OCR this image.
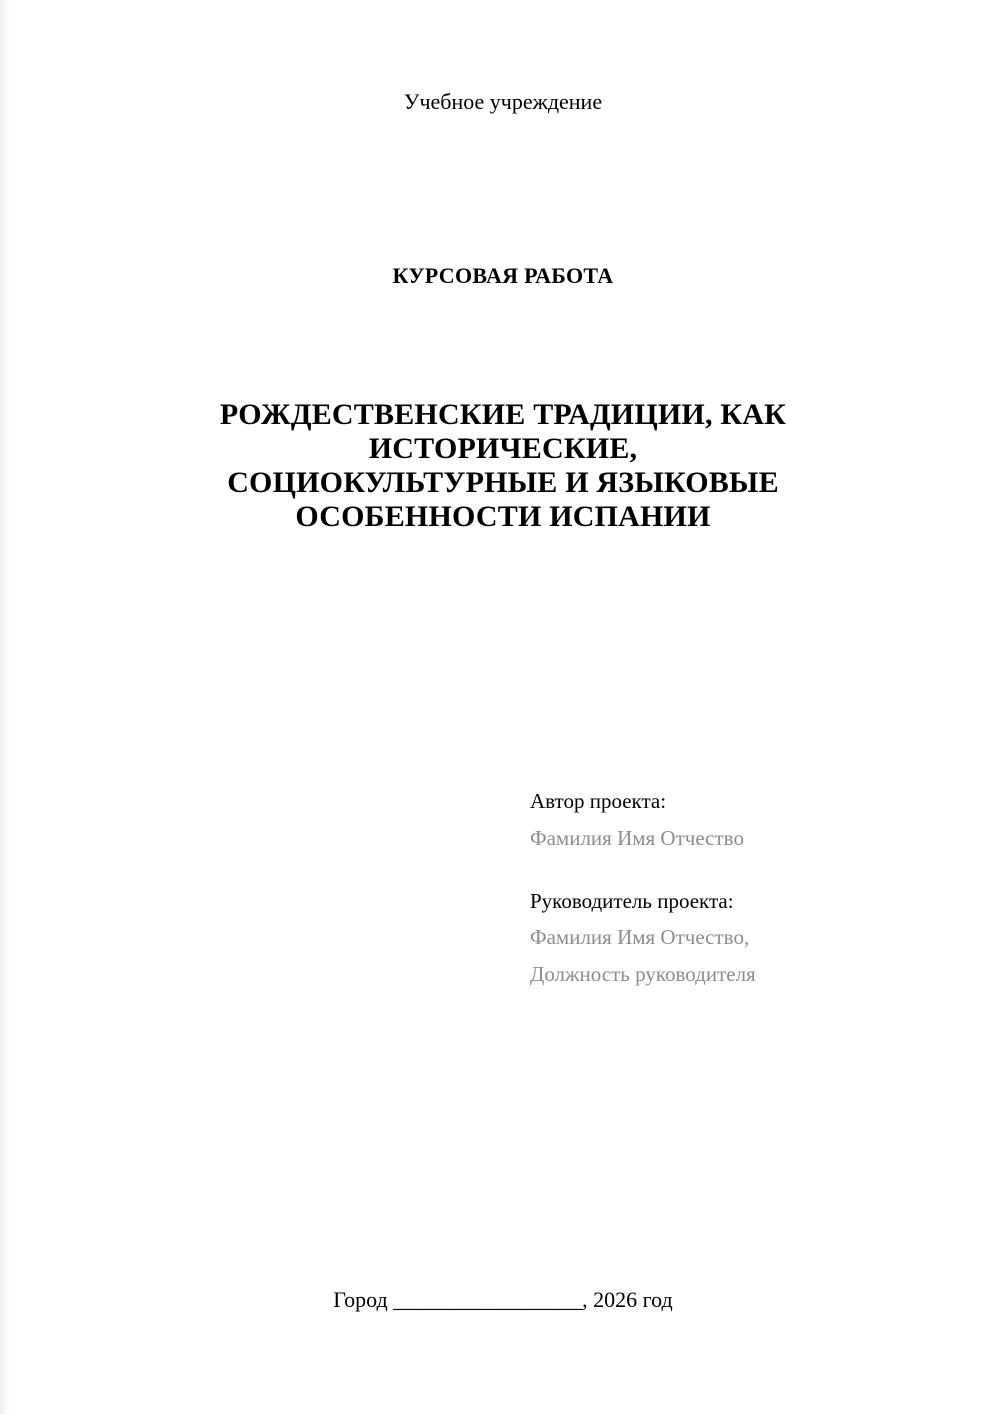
Учебное учреждение
КУРСОВАЯ РАБОТА
РОЖДЕСТВЕНСКИЕ ТРАДИЦИИ, КАК
ИСТОРИЧЕСКИЕ,
СОЦИОКУЛЬТУРНЫЕ И ЯЗЫКОВЫЕ
ОСОБЕННОСТИ ИСПАНИИ
Автор проекта:
Фамилия Имя Отчество
Руководитель проекта:
Фамилия Имя Отчество,
Должность руководителя
Город __________________, 2026 год
